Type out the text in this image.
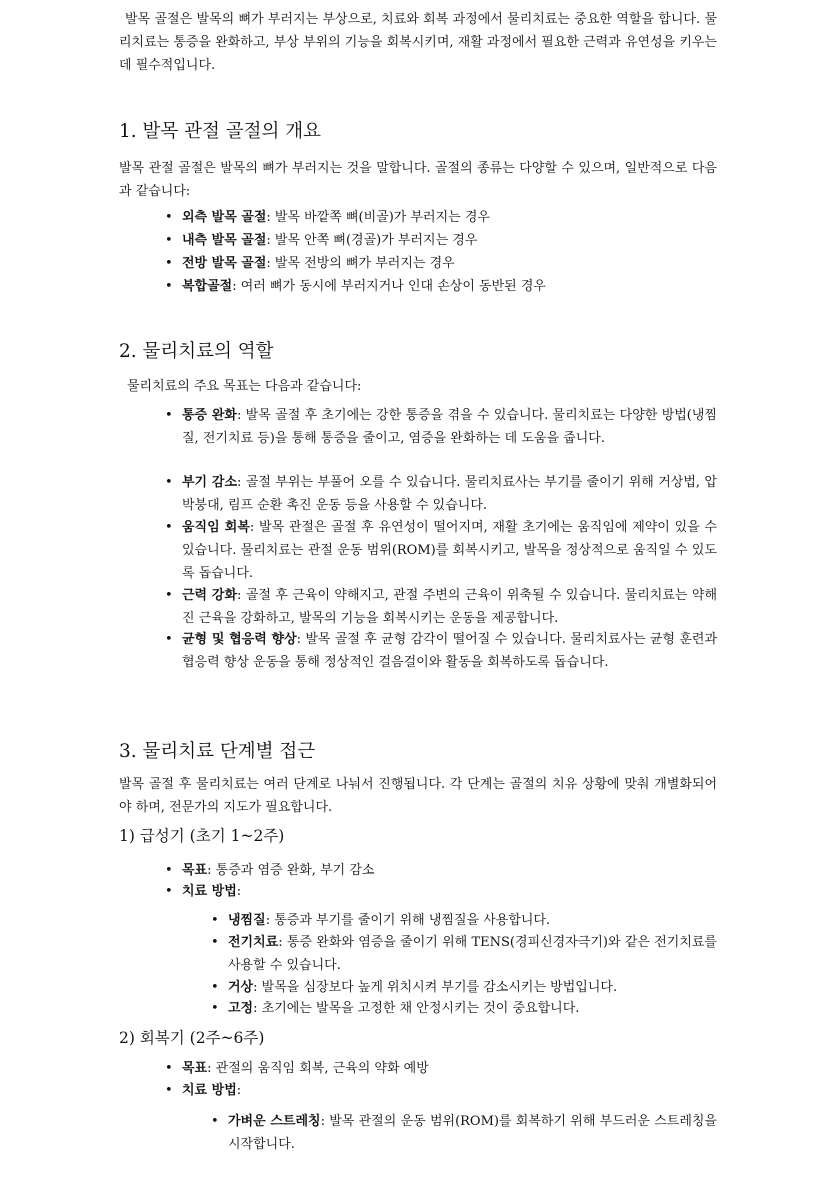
발목 골절은 발목의 뼈가 부러지는 부상으로, 치료와 회복 과정에서 물리치료는 중요한 역할을 합니다. 물리치료는 통증을 완화하고, 부상 부위의 기능을 회복시키며, 재활 과정에서 필요한 근력과 유연성을 키우는 데 필수적입니다.
1. 발목 관절 골절의 개요
발목 관절 골절은 발목의 뼈가 부러지는 것을 말합니다. 골절의 종류는 다양할 수 있으며, 일반적으로 다음과 같습니다:
• 외측 발목 골절: 발목 바깥쪽 뼈(비골)가 부러지는 경우
• 내측 발목 골절: 발목 안쪽 뼈(경골)가 부러지는 경우
• 전방 발목 골절: 발목 전방의 뼈가 부러지는 경우
• 복합골절: 여러 뼈가 동시에 부러지거나 인대 손상이 동반된 경우
2. 물리치료의 역할
물리치료의 주요 목표는 다음과 같습니다:
• 통증 완화: 발목 골절 후 초기에는 강한 통증을 겪을 수 있습니다. 물리치료는 다양한 방법(냉찜질, 전기치료 등)을 통해 통증을 줄이고, 염증을 완화하는 데 도움을 줍니다.
• 부기 감소: 골절 부위는 부풀어 오를 수 있습니다. 물리치료사는 부기를 줄이기 위해 거상법, 압박붕대, 림프 순환 촉진 운동 등을 사용할 수 있습니다.
• 움직임 회복: 발목 관절은 골절 후 유연성이 떨어지며, 재활 초기에는 움직임에 제약이 있을 수 있습니다. 물리치료는 관절 운동 범위(ROM)를 회복시키고, 발목을 정상적으로 움직일 수 있도록 돕습니다.
• 근력 강화: 골절 후 근육이 약해지고, 관절 주변의 근육이 위축될 수 있습니다. 물리치료는 약해진 근육을 강화하고, 발목의 기능을 회복시키는 운동을 제공합니다.
• 균형 및 협응력 향상: 발목 골절 후 균형 감각이 떨어질 수 있습니다. 물리치료사는 균형 훈련과 협응력 향상 운동을 통해 정상적인 걸음걸이와 활동을 회복하도록 돕습니다.
3. 물리치료 단계별 접근
발목 골절 후 물리치료는 여러 단계로 나눠서 진행됩니다. 각 단계는 골절의 치유 상황에 맞춰 개별화되어야 하며, 전문가의 지도가 필요합니다.
1) 급성기 (초기 1~2주)
• 목표: 통증과 염증 완화, 부기 감소
• 치료 방법:
• 냉찜질: 통증과 부기를 줄이기 위해 냉찜질을 사용합니다.
• 전기치료: 통증 완화와 염증을 줄이기 위해 TENS(경피신경자극기)와 같은 전기치료를 사용할 수 있습니다.
• 거상: 발목을 심장보다 높게 위치시켜 부기를 감소시키는 방법입니다.
• 고정: 초기에는 발목을 고정한 채 안정시키는 것이 중요합니다.
2) 회복기 (2주~6주)
• 목표: 관절의 움직임 회복, 근육의 약화 예방
• 치료 방법:
• 가벼운 스트레칭: 발목 관절의 운동 범위(ROM)를 회복하기 위해 부드러운 스트레칭을 시작합니다.
